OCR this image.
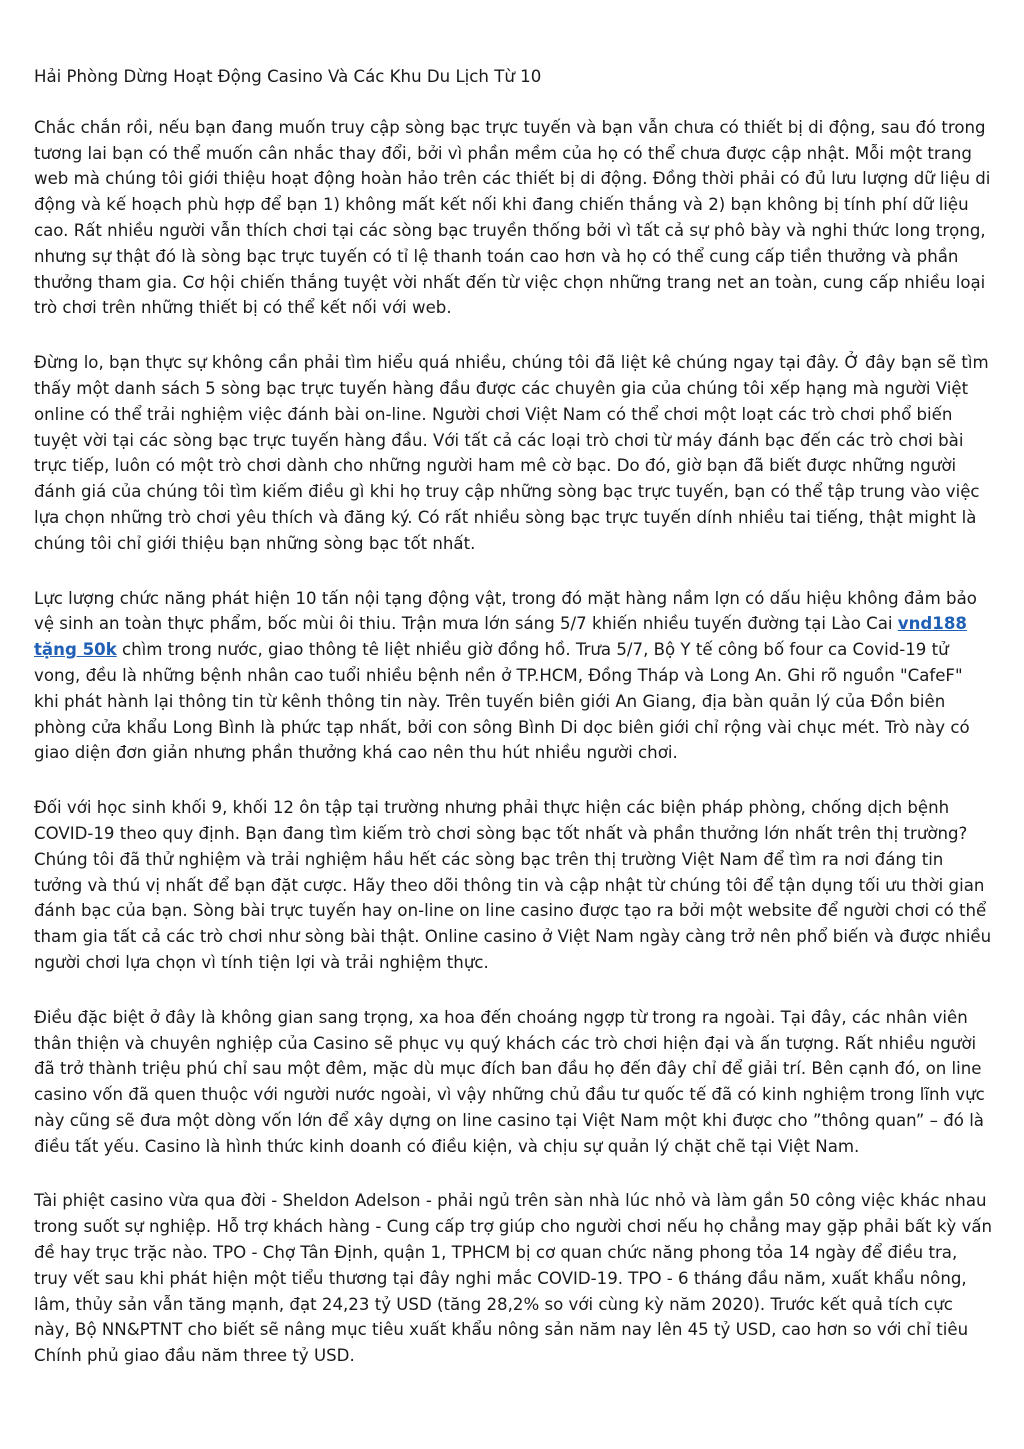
Hải Phòng Dừng Hoạt Động Casino Và Các Khu Du Lịch Từ 10

Chắc chắn rồi, nếu bạn đang muốn truy cập sòng bạc trực tuyến và bạn vẫn chưa có thiết bị di động, sau đó trong tương lai bạn có thể muốn cân nhắc thay đổi, bởi vì phần mềm của họ có thể chưa được cập nhật. Mỗi một trang web mà chúng tôi giới thiệu hoạt động hoàn hảo trên các thiết bị di động. Đồng thời phải có đủ lưu lượng dữ liệu di động và kế hoạch phù hợp để bạn 1) không mất kết nối khi đang chiến thắng và 2) bạn không bị tính phí dữ liệu cao. Rất nhiều người vẫn thích chơi tại các sòng bạc truyền thống bởi vì tất cả sự phô bày và nghi thức long trọng, nhưng sự thật đó là sòng bạc trực tuyến có tỉ lệ thanh toán cao hơn và họ có thể cung cấp tiền thưởng và phần thưởng tham gia. Cơ hội chiến thắng tuyệt vời nhất đến từ việc chọn những trang net an toàn, cung cấp nhiều loại trò chơi trên những thiết bị có thể kết nối với web.

Đừng lo, bạn thực sự không cần phải tìm hiểu quá nhiều, chúng tôi đã liệt kê chúng ngay tại đây. Ở đây bạn sẽ tìm thấy một danh sách 5 sòng bạc trực tuyến hàng đầu được các chuyên gia của chúng tôi xếp hạng mà người Việt online có thể trải nghiệm việc đánh bài on-line. Người chơi Việt Nam có thể chơi một loạt các trò chơi phổ biến tuyệt vời tại các sòng bạc trực tuyến hàng đầu. Với tất cả các loại trò chơi từ máy đánh bạc đến các trò chơi bài trực tiếp, luôn có một trò chơi dành cho những người ham mê cờ bạc. Do đó, giờ bạn đã biết được những người đánh giá của chúng tôi tìm kiếm điều gì khi họ truy cập những sòng bạc trực tuyến, bạn có thể tập trung vào việc lựa chọn những trò chơi yêu thích và đăng ký. Có rất nhiều sòng bạc trực tuyến dính nhiều tai tiếng, thật might là chúng tôi chỉ giới thiệu bạn những sòng bạc tốt nhất.

Lực lượng chức năng phát hiện 10 tấn nội tạng động vật, trong đó mặt hàng nầm lợn có dấu hiệu không đảm bảo vệ sinh an toàn thực phẩm, bốc mùi ôi thiu. Trận mưa lớn sáng 5/7 khiến nhiều tuyến đường tại Lào Cai vnd188 tặng 50k chìm trong nước, giao thông tê liệt nhiều giờ đồng hồ. Trưa 5/7, Bộ Y tế công bố four ca Covid-19 tử vong, đều là những bệnh nhân cao tuổi nhiều bệnh nền ở TP.HCM, Đồng Tháp và Long An. Ghi rõ nguồn "CafeF" khi phát hành lại thông tin từ kênh thông tin này. Trên tuyến biên giới An Giang, địa bàn quản lý của Đồn biên phòng cửa khẩu Long Bình là phức tạp nhất, bởi con sông Bình Di dọc biên giới chỉ rộng vài chục mét. Trò này có giao diện đơn giản nhưng phần thưởng khá cao nên thu hút nhiều người chơi.

Đối với học sinh khối 9, khối 12 ôn tập tại trường nhưng phải thực hiện các biện pháp phòng, chống dịch bệnh COVID-19 theo quy định. Bạn đang tìm kiếm trò chơi sòng bạc tốt nhất và phần thưởng lớn nhất trên thị trường? Chúng tôi đã thử nghiệm và trải nghiệm hầu hết các sòng bạc trên thị trường Việt Nam để tìm ra nơi đáng tin tưởng và thú vị nhất để bạn đặt cược. Hãy theo dõi thông tin và cập nhật từ chúng tôi để tận dụng tối ưu thời gian đánh bạc của bạn. Sòng bài trực tuyến hay on-line on line casino được tạo ra bởi một website để người chơi có thể tham gia tất cả các trò chơi như sòng bài thật. Online casino ở Việt Nam ngày càng trở nên phổ biến và được nhiều người chơi lựa chọn vì tính tiện lợi và trải nghiệm thực.

Điều đặc biệt ở đây là không gian sang trọng, xa hoa đến choáng ngợp từ trong ra ngoài. Tại đây, các nhân viên thân thiện và chuyên nghiệp của Casino sẽ phục vụ quý khách các trò chơi hiện đại và ấn tượng. Rất nhiều người đã trở thành triệu phú chỉ sau một đêm, mặc dù mục đích ban đầu họ đến đây chỉ để giải trí. Bên cạnh đó, on line casino vốn đã quen thuộc với người nước ngoài, vì vậy những chủ đầu tư quốc tế đã có kinh nghiệm trong lĩnh vực này cũng sẽ đưa một dòng vốn lớn để xây dựng on line casino tại Việt Nam một khi được cho ”thông quan” – đó là điều tất yếu. Casino là hình thức kinh doanh có điều kiện, và chịu sự quản lý chặt chẽ tại Việt Nam.

Tài phiệt casino vừa qua đời - Sheldon Adelson - phải ngủ trên sàn nhà lúc nhỏ và làm gần 50 công việc khác nhau trong suốt sự nghiệp. Hỗ trợ khách hàng - Cung cấp trợ giúp cho người chơi nếu họ chẳng may gặp phải bất kỳ vấn đề hay trục trặc nào. TPO - Chợ Tân Định, quận 1, TPHCM bị cơ quan chức năng phong tỏa 14 ngày để điều tra, truy vết sau khi phát hiện một tiểu thương tại đây nghi mắc COVID-19. TPO - 6 tháng đầu năm, xuất khẩu nông, lâm, thủy sản vẫn tăng mạnh, đạt 24,23 tỷ USD (tăng 28,2% so với cùng kỳ năm 2020). Trước kết quả tích cực này, Bộ NN&PTNT cho biết sẽ nâng mục tiêu xuất khẩu nông sản năm nay lên 45 tỷ USD, cao hơn so với chỉ tiêu Chính phủ giao đầu năm three tỷ USD.
